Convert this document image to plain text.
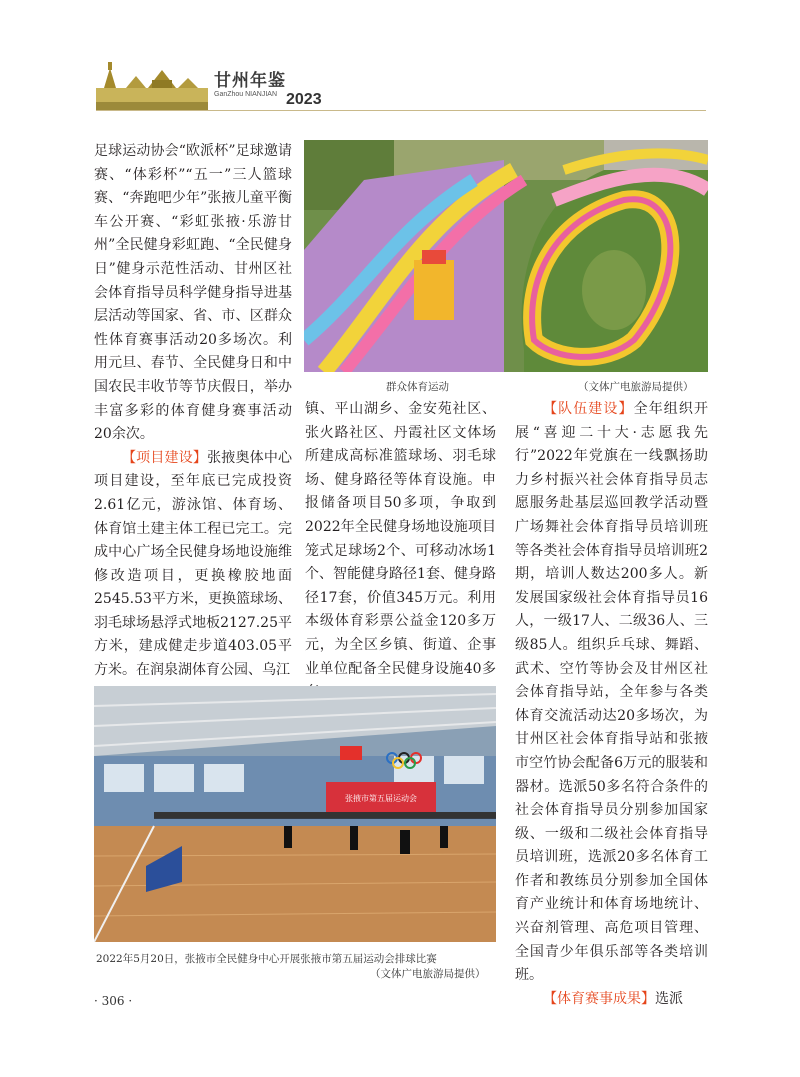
甘州年鉴
GanZhou NIANJIAN 2023

足球运动协会“欧派杯”足球邀请赛、“体彩杯”“五一”三人篮球赛、“奔跑吧少年”张掖儿童平衡车公开赛、“彩虹张掖·乐游甘州”全民健身彩虹跑、“全民健身日”健身示范性活动、甘州区社会体育指导员科学健身指导进基层活动等国家、省、市、区群众性体育赛事活动20多场次。利用元旦、春节、全民健身日和中国农民丰收节等节庆假日，举办丰富多彩的体育健身赛事活动20余次。

【项目建设】张掖奥体中心项目建设，至年底已完成投资2.61亿元，游泳馆、体育场、体育馆土建主体工程已完工。完成中心广场全民健身场地设施维修改造项目，更换橡胶地面2545.53平方米，更换篮球场、羽毛球场悬浮式地板2127.25平方米，建成健走步道403.05平方米。在润泉湖体育公园、乌江

群众体育运动	（文体广电旅游局提供）

镇、平山湖乡、金安苑社区、张火路社区、丹霞社区文体场所建成高标准篮球场、羽毛球场、健身路径等体育设施。申报储备项目50多项，争取到2022年全民健身场地设施项目笼式足球场2个、可移动冰场1个、智能健身路径1套、健身路径17套，价值345万元。利用本级体育彩票公益金120多万元，为全区乡镇、街道、企事业单位配备全民健身设施40多

【队伍建设】全年组织开展“喜迎二十大·志愿我先行”2022年党旗在一线飘扬助力乡村振兴社会体育指导员志愿服务赴基层巡回教学活动暨广场舞社会体育指导员培训班等各类社会体育指导员培训班2期，培训人数达200多人。新发展国家级社会体育指导员16人，一级17人、二级36人、三级85人。组织乒乓球、舞蹈、武术、空竹等协会及甘州区社会体育指导站，全年参与各类体育交流活动达20多场次，为甘州区社会体育指导站和张掖市空竹协会配备6万元的服装和器材。选派50多名符合条件的社会体育指导员分别参加国家级、一级和二级社会体育指导员培训班，选派20多名体育工作者和教练员分别参加全国体育产业统计和体育场地统计、兴奋剂管理、高危项目管理、全国青少年俱乐部等各类培训班。

【体育赛事成果】选派

张掖市第五届运动会
2022年5月20日，张掖市全民健身中心开展张掖市第五届运动会排球比赛
（文体广电旅游局提供）
· 306 ·
